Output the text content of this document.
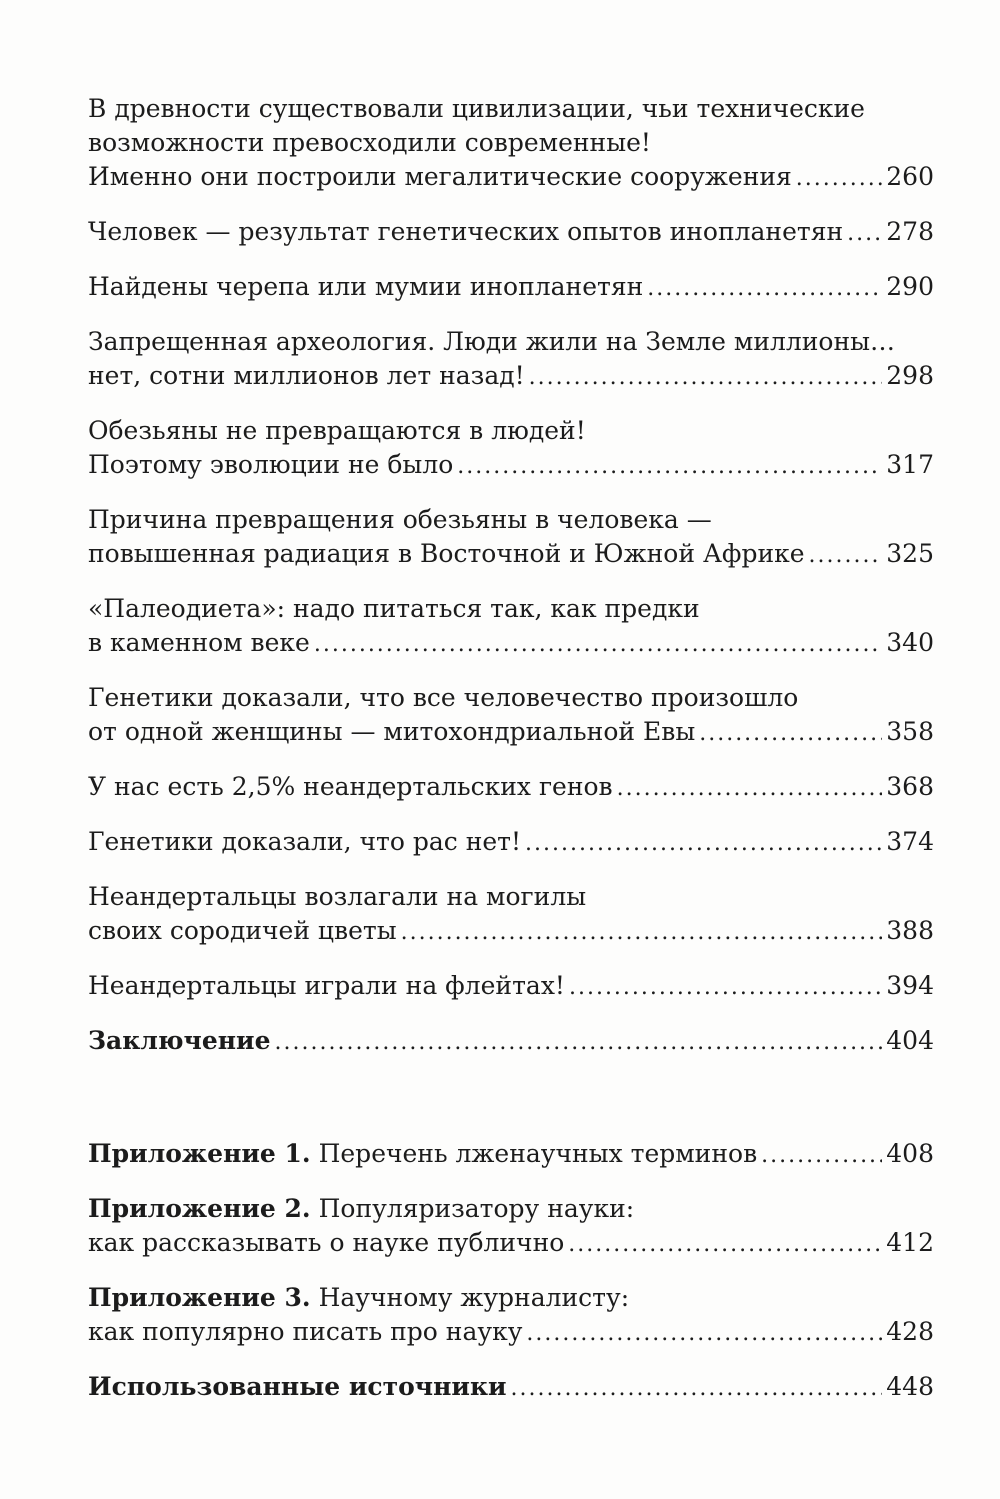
В древности существовали цивилизации, чьи технические
возможности превосходили современные!
Именно они построили мегалитические сооружения .....	260
Человек — результат генетических опытов инопланетян ..... 278
Найдены черепа или мумии инопланетян .....	290
Запрещенная археология. Люди жили на Земле миллионы…
нет, сотни миллионов лет назад! .....	298
Обезьяны не превращаются в людей!
Поэтому эволюции не было .....	317
Причина превращения обезьяны в человека —
повышенная радиация в Восточной и Южной Африке .....	325
«Палеодиета»: надо питаться так, как предки
в каменном веке .....	340
Генетики доказали, что все человечество произошло
от одной женщины — митохондриальной Евы .....	358
У нас есть 2,5% неандертальских генов .....	368
Генетики доказали, что рас нет! .....	374
Неандертальцы возлагали на могилы
своих сородичей цветы .....	388
Неандертальцы играли на флейтах! .....	394
Заключение .....	404
Приложение 1. Перечень лженаучных терминов .....	408
Приложение 2. Популяризатору науки:
как рассказывать о науке публично .....	412
Приложение 3. Научному журналисту:
как популярно писать про науку .....	428
Использованные источники .....	448
